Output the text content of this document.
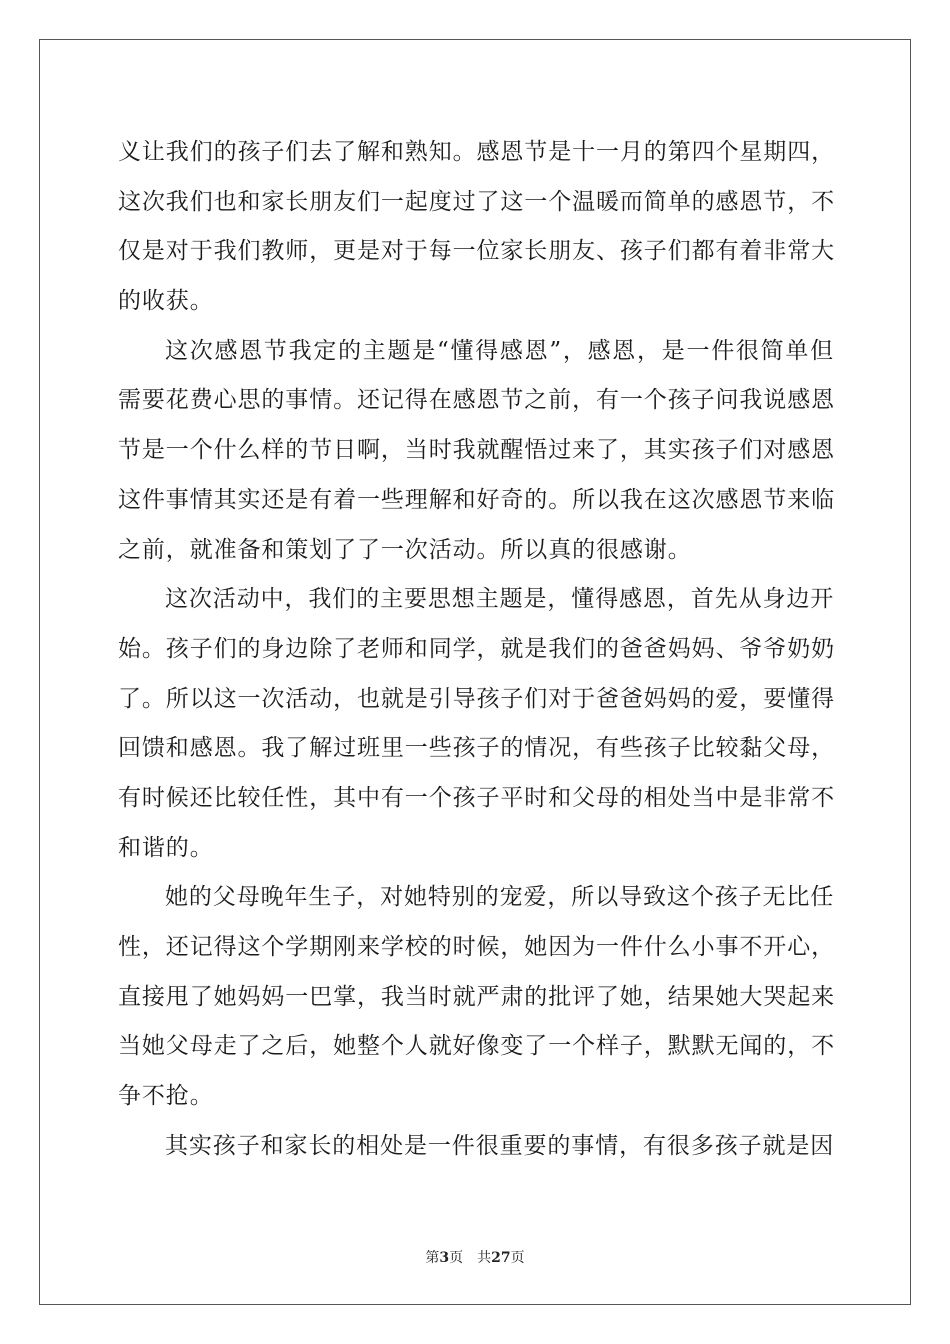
义让我们的孩子们去了解和熟知。感恩节是十一月的第四个星期四，
这次我们也和家长朋友们一起度过了这一个温暖而简单的感恩节，不
仅是对于我们教师，更是对于每一位家长朋友、孩子们都有着非常大
的收获。
这次感恩节我定的主题是“懂得感恩”，感恩，是一件很简单但
需要花费心思的事情。还记得在感恩节之前，有一个孩子问我说感恩
节是一个什么样的节日啊，当时我就醒悟过来了，其实孩子们对感恩
这件事情其实还是有着一些理解和好奇的。所以我在这次感恩节来临
之前，就准备和策划了了一次活动。所以真的很感谢。
这次活动中，我们的主要思想主题是，懂得感恩，首先从身边开
始。孩子们的身边除了老师和同学，就是我们的爸爸妈妈、爷爷奶奶
了。所以这一次活动，也就是引导孩子们对于爸爸妈妈的爱，要懂得
回馈和感恩。我了解过班里一些孩子的情况，有些孩子比较黏父母，
有时候还比较任性，其中有一个孩子平时和父母的相处当中是非常不
和谐的。
她的父母晚年生子，对她特别的宠爱，所以导致这个孩子无比任
性，还记得这个学期刚来学校的时候，她因为一件什么小事不开心，
直接甩了她妈妈一巴掌，我当时就严肃的批评了她，结果她大哭起来
当她父母走了之后，她整个人就好像变了一个样子，默默无闻的，不
争不抢。
其实孩子和家长的相处是一件很重要的事情，有很多孩子就是因
第3页 共27页
